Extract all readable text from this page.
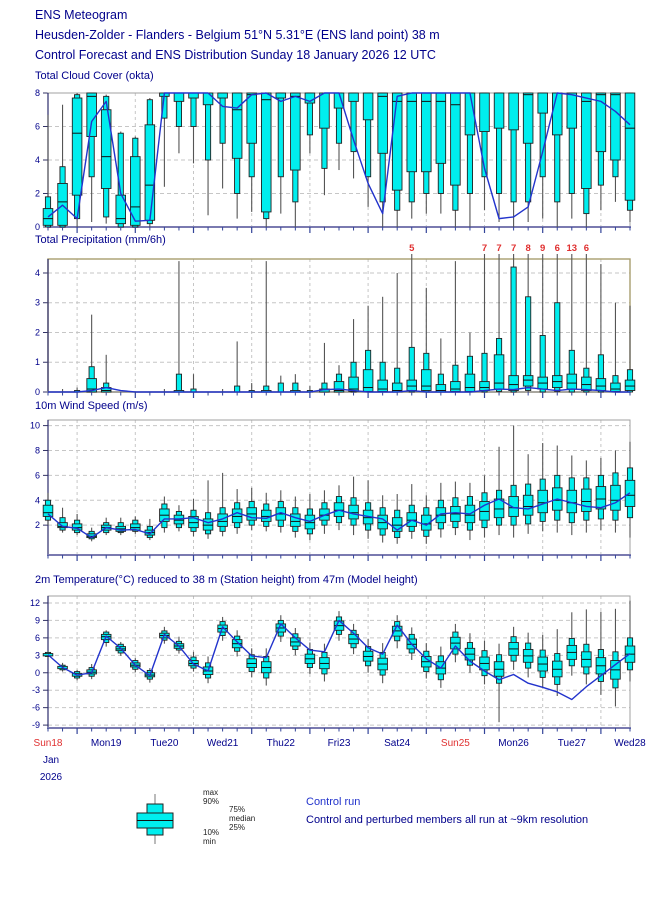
ENS Meteogram
Heusden-Zolder - Flanders - Belgium 51°N 5.31°E (ENS land point) 38 m
Control Forecast and ENS Distribution Sunday 18 January 2026 12 UTC
Total Cloud Cover (okta)
0
2
4
6
8
Total Precipitation (mm/6h)
0
1
2
3
4
5	7 7 7 8 9 6 13 6
10m Wind Speed (m/s)
2
4
6
8
10
2m Temperature(°C) reduced to 38 m (Station height) from 47m (Model height)
-9
-6
-3
0
3
6
9
12
Sun18	Mon19	Tue20	Wed21	Thu22	Fri23	Sat24	Sun25	Mon26	Tue27	Wed28
Jan
2026
max
90%
75%
median
25%
10%
min
Control run
Control and perturbed members all run at ~9km resolution
